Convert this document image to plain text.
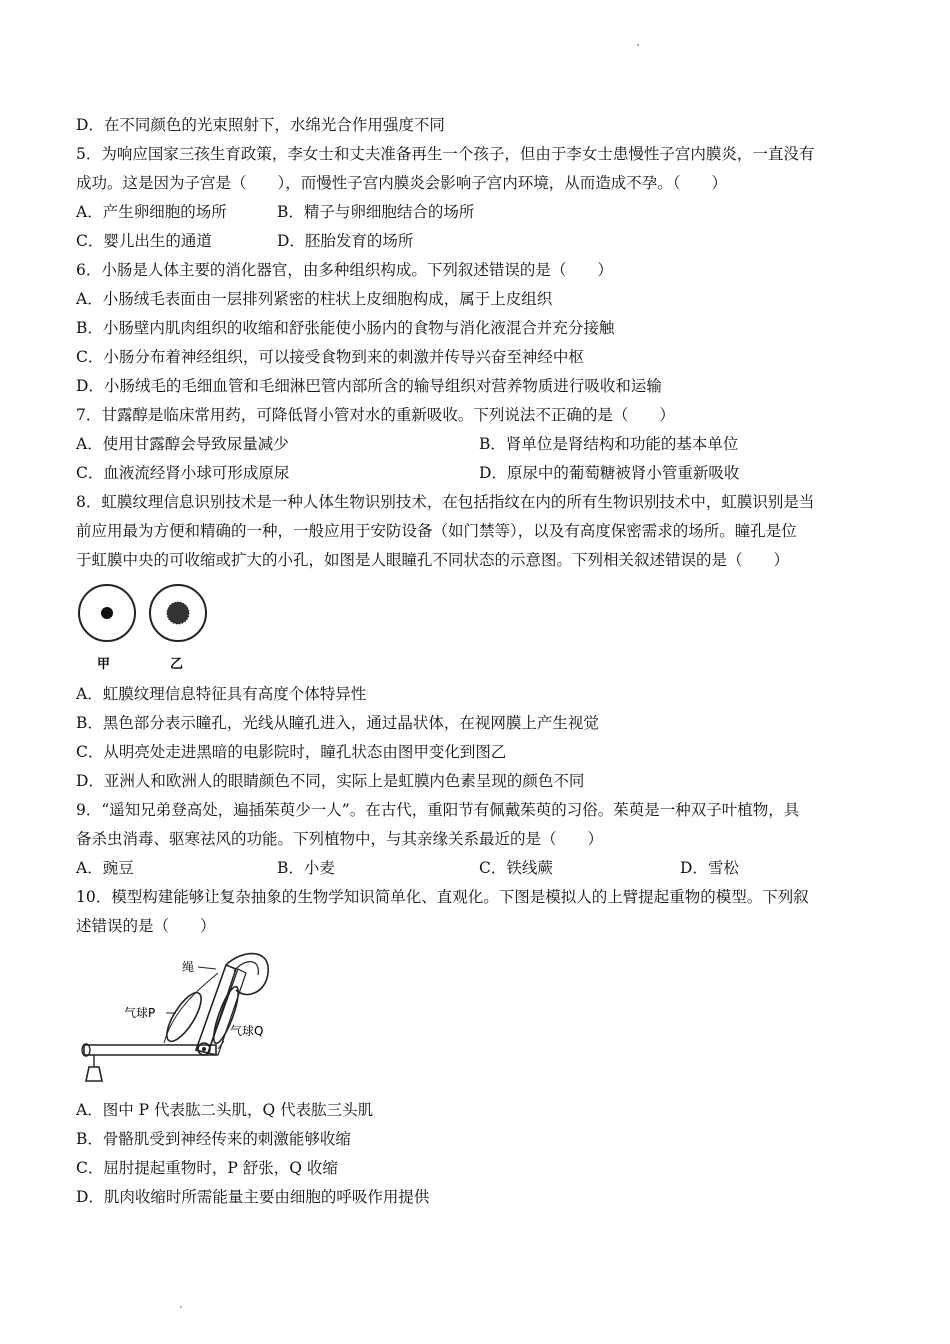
D．在不同颜色的光束照射下，水绵光合作用强度不同
5．为响应国家三孩生育政策，李女士和丈夫准备再生一个孩子，但由于李女士患慢性子宫内膜炎，一直没有
成功。这是因为子宫是（　　），而慢性子宫内膜炎会影响子宫内环境，从而造成不孕。（　　）
A．产生卵细胞的场所	B．精子与卵细胞结合的场所
C．婴儿出生的通道	D．胚胎发育的场所
6．小肠是人体主要的消化器官，由多种组织构成。下列叙述错误的是（　　）
A．小肠绒毛表面由一层排列紧密的柱状上皮细胞构成，属于上皮组织
B．小肠壁内肌肉组织的收缩和舒张能使小肠内的食物与消化液混合并充分接触
C．小肠分布着神经组织，可以接受食物到来的刺激并传导兴奋至神经中枢
D．小肠绒毛的毛细血管和毛细淋巴管内部所含的输导组织对营养物质进行吸收和运输
7．甘露醇是临床常用药，可降低肾小管对水的重新吸收。下列说法不正确的是（　　）
A．使用甘露醇会导致尿量减少	B．肾单位是肾结构和功能的基本单位
C．血液流经肾小球可形成原尿	D．原尿中的葡萄糖被肾小管重新吸收
8．虹膜纹理信息识别技术是一种人体生物识别技术，在包括指纹在内的所有生物识别技术中，虹膜识别是当
前应用最为方便和精确的一种，一般应用于安防设备（如门禁等），以及有高度保密需求的场所。瞳孔是位
于虹膜中央的可收缩或扩大的小孔，如图是人眼瞳孔不同状态的示意图。下列相关叙述错误的是（　　）
甲	乙
A．虹膜纹理信息特征具有高度个体特异性
B．黑色部分表示瞳孔，光线从瞳孔进入，通过晶状体，在视网膜上产生视觉
C．从明亮处走进黑暗的电影院时，瞳孔状态由图甲变化到图乙
D．亚洲人和欧洲人的眼睛颜色不同，实际上是虹膜内色素呈现的颜色不同
9．“遥知兄弟登高处，遍插茱萸少一人”。在古代，重阳节有佩戴茱萸的习俗。茱萸是一种双子叶植物，具
备杀虫消毒、驱寒祛风的功能。下列植物中，与其亲缘关系最近的是（　　）
A．豌豆	B．小麦	C．铁线蕨	D．雪松
10．模型构建能够让复杂抽象的生物学知识简单化、直观化。下图是模拟人的上臂提起重物的模型。下列叙
述错误的是（　　）
绳
气球P
气球Q
A．图中 P 代表肱二头肌，Q 代表肱三头肌
B．骨骼肌受到神经传来的刺激能够收缩
C．屈肘提起重物时，P 舒张，Q 收缩
D．肌肉收缩时所需能量主要由细胞的呼吸作用提供
